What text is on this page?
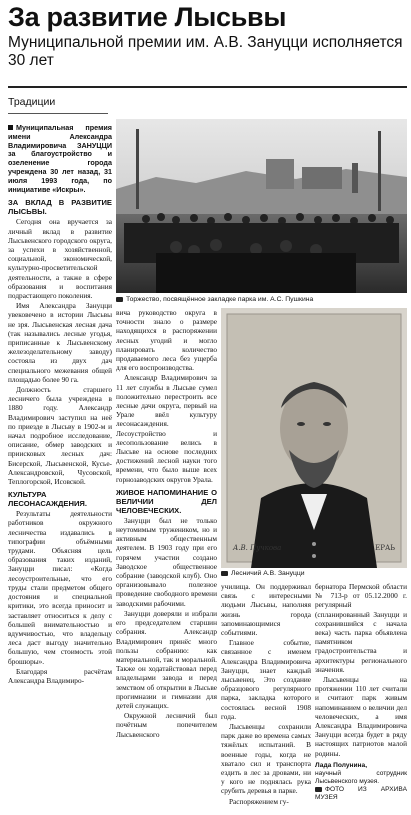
За развитие Лысьвы
Муниципальной премии им. А.В. Зануцци исполняется 30 лет
Традиции

Муниципальная премия имени Александра Владимировича ЗАНУЦЦИ за благоустройство и озеленение города учреждена 30 лет назад, 31 июля 1993 года, по инициативе «Искры».

ЗА ВКЛАД В РАЗВИТИЕ ЛЫСЬВЫ.

Сегодня она вручается за личный вклад в развитие Лысьвенского городского округа, за успехи в хозяйственной, социальной, экономической, культурно-просветительской деятельности, а также в сфере образования и воспитания подрастающего поколения.

Имя Александра Зануцци увековечено в истории Лысьвы не зря. Лысьвенская лесная дача (так назывались лесные угодья, приписанные к Лысьвенскому железоделательному заводу) состояла из двух дач специального межевания общей площадью более 90 га.

Должность старшего лесничего была учреждена в 1880 году. Александр Владимирович заступил на неё по приезде в Лысьву в 1902-м и начал подробное исследование, описание, обмер заводских и приисковых лесных дач: Бисерской, Лысьвенской, Кусье-Александровской, Чусовской, Теплогорской, Исовской.

КУЛЬТУРА ЛЕСОНАСАЖДЕНИЯ.

Результаты деятельности работников окружного лесничества издавались в типографии объёмными трудами. Объясняя цель образования таких изданий, Зануцци писал: «Когда лесоустроительные, что его труды стали предметом общего достояния и специальной критики, это всегда приносит и заставляет относиться к делу с большей внимательностью и вдумчивостью, что владельцу леса даст выгоду значительно большую, чем стоимость этой брошюры».

Благодаря расчётам Александра Владимиро-

Торжество, посвящённое закладке парка им. А.С. Пушкина

вича руководство округа в точности знало о размере находящихся в распоряжении лесных угодий и могло планировать количество продаваемого леса без ущерба для его воспроизводства.

Александр Владимирович за 11 лет службы в Лысьве сумел положительно перестроить все лесные дачи округа, первый на Урале ввёл культуру лесонасаждения. Лесоустройство и лесопользование велись в Лысьве на основе последних достижений лесной науки того времени, что было выше всех горнозаводских округов Урала.

ЖИВОЕ НАПОМИНАНИЕ О ВЕЛИЧИИ ДЕЛ ЧЕЛОВЕЧЕСКИХ.

Зануцци был не только неутомимым тружеником, но и активным общественным деятелем. В 1903 году при его горячем участии создано Заводское общественное собрание (заводской клуб). Оно организовывало полезное проведение свободного времени заводскими рабочими.

Зануцци доверяли и избрали его председателем старшин собрания. Александр Владимирович принёс много пользы собранию: как материальной, так и моральной. Также он ходатайствовал перед владельцами завода и перед земством об открытии в Лысьве прогимназии и гимназии для детей служащих.

Окружной лесничий был почётным попечителем Лысьвенского

А.В. Пучкова	ЕРАЬ
Лесничий А.В. Зануцци

училища. Он поддерживал связь с интересными людьми Лысьвы, наполняя жизнь города запоминающимися событиями.

Главное событие, связанное с именем Александра Владимировича Зануцци, знает каждый лысьвенец. Это создание образцового регулярного парка, закладка которого состоялась весной 1908 года.

Лысьвенцы сохранили парк даже во времена самых тяжёлых испытаний. В военные годы, когда не хватало сил и транспорта ездить в лес за дровами, ни у кого не поднялась рука срубить деревья в парке.

Распоряжением гу-

бернатора Пермской области № 713-р от 05.12.2000 г. регулярный (спланированный Зануцци и сохранившийся с начала века) часть парка объявлена памятником градостроительства и архитектуры регионального значения.

Лысьвенцы на протяжении 110 лет считали и считают парк живым напоминанием о величии дел человеческих, а имя Александра Владимировича Зануцци всегда будет в ряду настоящих патриотов малой родины.

Лада Полунина,
научный сотрудник Лысьвенского музея.
ФОТО ИЗ АРХИВА МУЗЕЯ
